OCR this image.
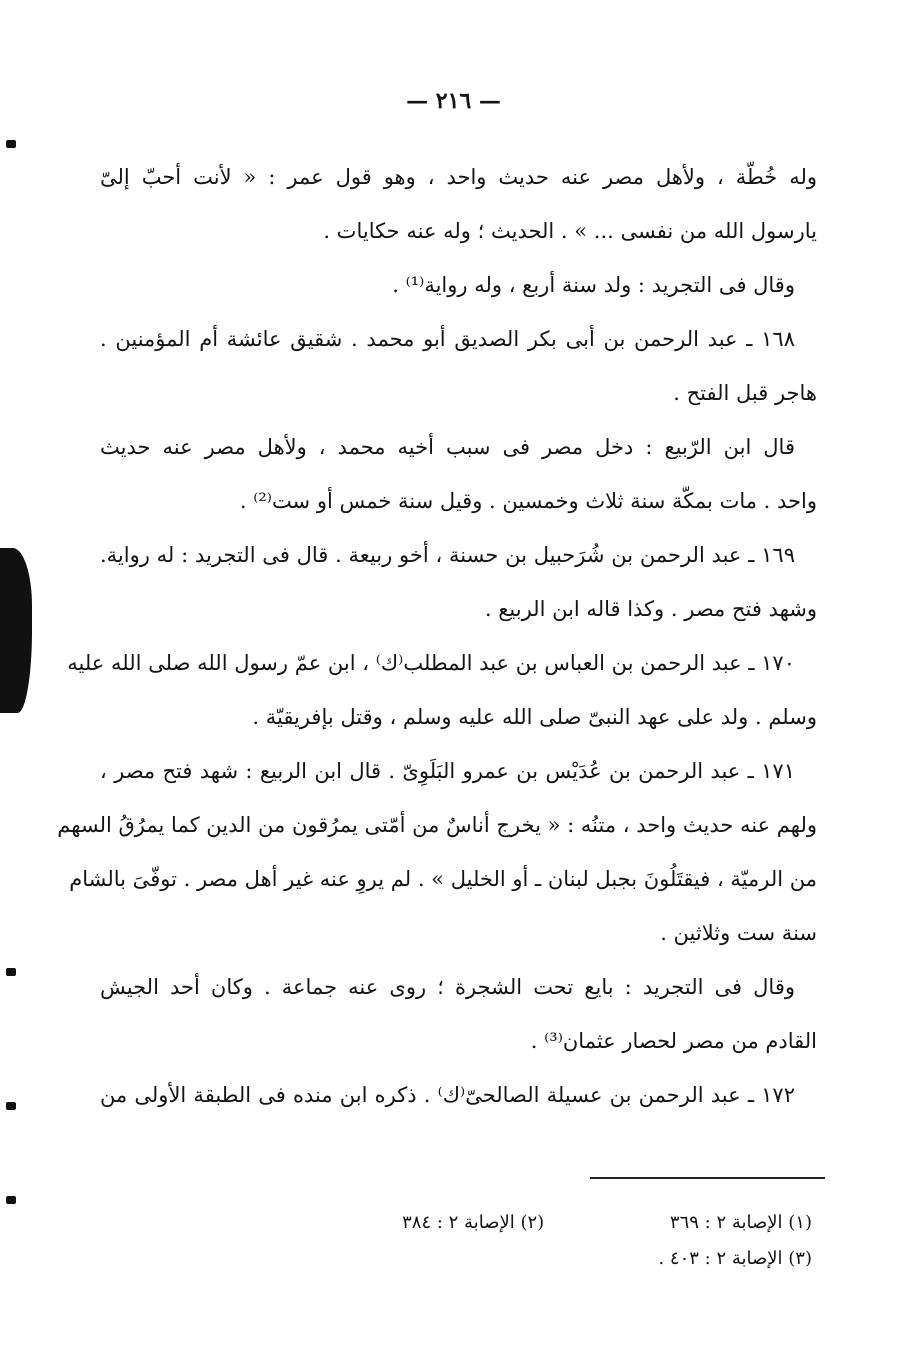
— ٢١٦ —
وله خُطّة ، ولأهل مصر عنه حديث واحد ، وهو قول عمر : « لأنت أحبّ إلىّ
يارسول الله من نفسى ... » . الحديث ؛ وله عنه حكايات .
وقال فى التجريد : ولد سنة أربع ، وله رواية⁽¹⁾ .
١٦٨ ـ عبد الرحمن بن أبى بكر الصديق أبو محمد . شقيق عائشة أم المؤمنين .
هاجر قبل الفتح .
قال ابن الرّبيع : دخل مصر فى سبب أخيه محمد ، ولأهل مصر عنه حديث
واحد . مات بمكّة سنة ثلاث وخمسين . وقيل سنة خمس أو ست⁽²⁾ .
١٦٩ ـ عبد الرحمن بن شُرَحبيل بن حسنة ، أخو ربيعة . قال فى التجريد : له رواية.
وشهد فتح مصر . وكذا قاله ابن الربيع .
١٧٠ ـ عبد الرحمن بن العباس بن عبد المطلب⁽ك⁾ ، ابن عمّ رسول الله صلى الله عليه
وسلم . ولد على عهد النبىّ صلى الله عليه وسلم ، وقتل بإفريقيّة .
١٧١ ـ عبد الرحمن بن عُدَيْس بن عمرو البَلَوِىّ . قال ابن الربيع : شهد فتح مصر ،
ولهم عنه حديث واحد ، متنُه : « يخرج أناسٌ من أمّتى يمرُقون من الدين كما يمرُقُ السهم
من الرميّة ، فيقتَلُونَ بجبل لبنان ـ أو الخليل » . لم يروِ عنه غير أهل مصر . توفّىَ بالشام
سنة ست وثلاثين .
وقال فى التجريد : بايع تحت الشجرة ؛ روى عنه جماعة . وكان أحد الجيش
القادم من مصر لحصار عثمان⁽³⁾ .
١٧٢ ـ عبد الرحمن بن عسيلة الصالحىّ⁽ك⁾ . ذكره ابن منده فى الطبقة الأولى من
(١) الإصابة ٢ : ٣٦٩ (٢) الإصابة ٢ : ٣٨٤
(٣) الإصابة ٢ : ٤٠٣ .
